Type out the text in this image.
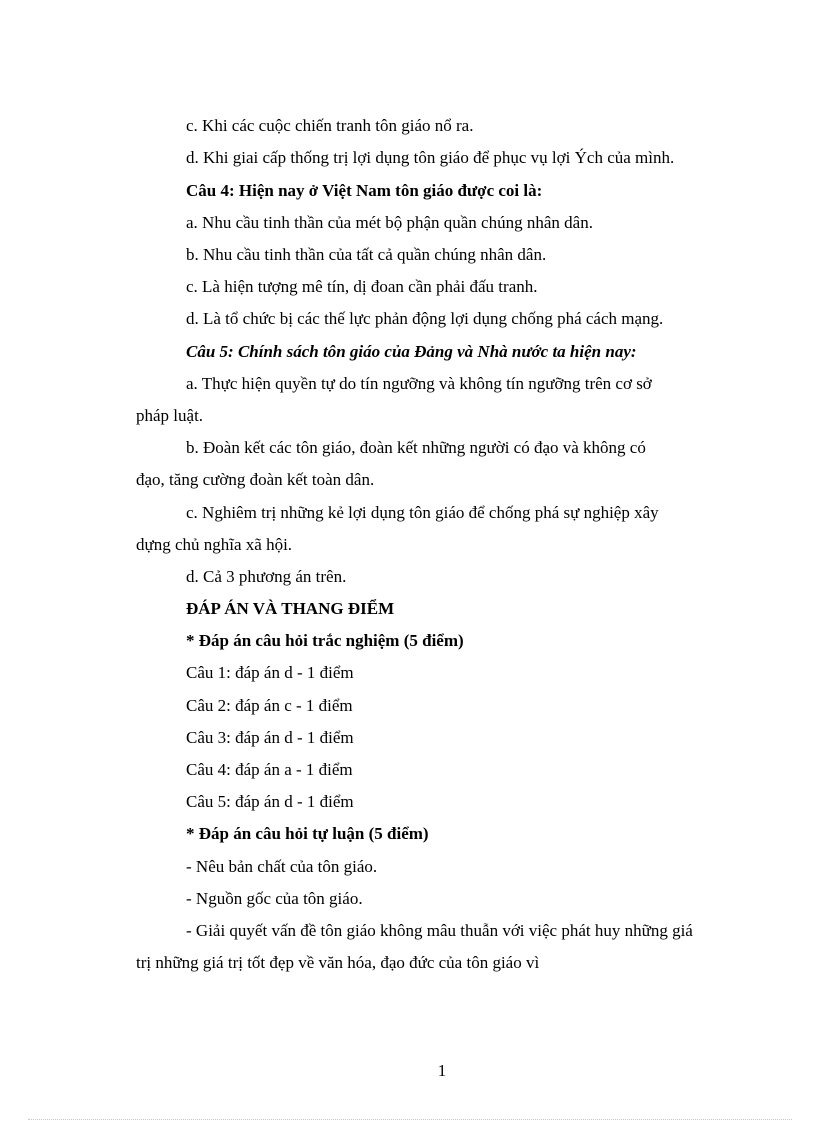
c. Khi các cuộc chiến tranh tôn giáo nổ ra.

d. Khi giai cấp thống trị lợi dụng tôn giáo để phục vụ lợi Ých của mình.

Câu 4: Hiện nay ở Việt Nam tôn giáo được coi là:

a. Nhu cầu tinh thần của mét bộ phận quần chúng nhân dân.

b. Nhu cầu tinh thần của tất cả quần chúng nhân dân.

c. Là hiện tượng mê tín, dị đoan cần phải đấu tranh.

d. Là tổ chức bị các thế lực phản động lợi dụng chống phá cách mạng.

Câu 5: Chính sách tôn giáo của Đảng và Nhà nước ta hiện nay:

a. Thực hiện quyền tự do tín ngưỡng và không tín ngưỡng trên cơ sở

pháp luật.

b. Đoàn kết các tôn giáo, đoàn kết những người có đạo và không có

đạo, tăng cường đoàn kết toàn dân.

c. Nghiêm trị những kẻ lợi dụng tôn giáo để chống phá sự nghiệp xây

dựng chủ nghĩa xã hội.

d. Cả 3 phương án trên.

ĐÁP ÁN VÀ THANG ĐIỂM

* Đáp án câu hỏi trắc nghiệm (5 điểm)

Câu 1: đáp án d - 1 điểm

Câu 2: đáp án c - 1 điểm

Câu 3: đáp án d - 1 điểm

Câu 4: đáp án a - 1 điểm

Câu 5: đáp án d - 1 điểm

* Đáp án câu hỏi tự luận (5 điểm)

- Nêu bản chất của tôn giáo.

- Nguồn gốc của tôn giáo.

- Giải quyết vấn đề tôn giáo không mâu thuẫn với việc phát huy những giá

trị những giá trị tốt đẹp về văn hóa, đạo đức của tôn giáo vì

1
